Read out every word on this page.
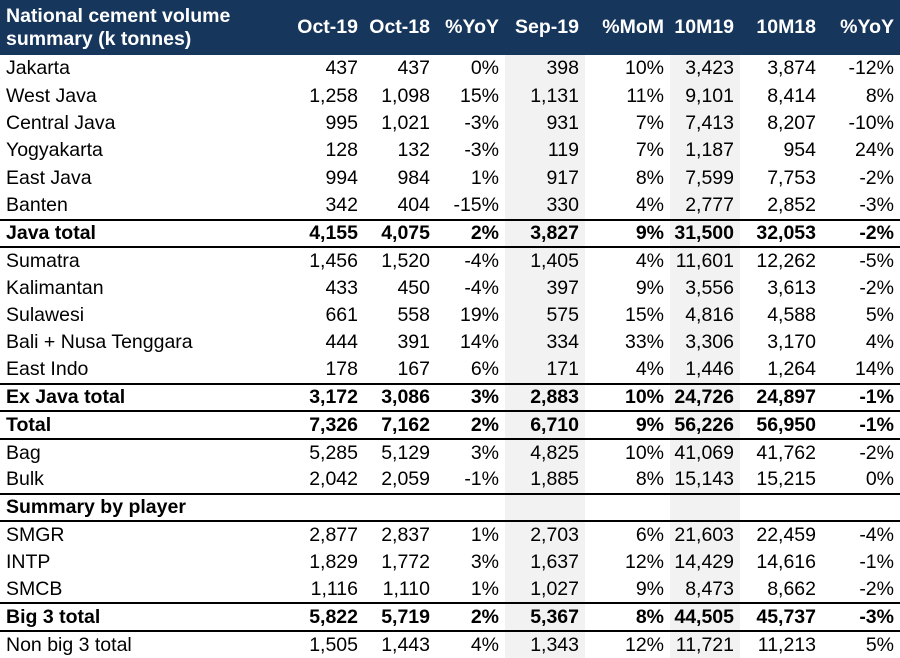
National cement volume summary (k tonnes)	Oct-19	Oct-18	%YoY	Sep-19	%MoM	10M19	10M18	%YoY
Jakarta	437	437	0%	398	10%	3,423	3,874	-12%
West Java	1,258	1,098	15%	1,131	11%	9,101	8,414	8%
Central Java	995	1,021	-3%	931	7%	7,413	8,207	-10%
Yogyakarta	128	132	-3%	119	7%	1,187	954	24%
East Java	994	984	1%	917	8%	7,599	7,753	-2%
Banten	342	404	-15%	330	4%	2,777	2,852	-3%
Java total	4,155	4,075	2%	3,827	9%	31,500	32,053	-2%
Sumatra	1,456	1,520	-4%	1,405	4%	11,601	12,262	-5%
Kalimantan	433	450	-4%	397	9%	3,556	3,613	-2%
Sulawesi	661	558	19%	575	15%	4,816	4,588	5%
Bali + Nusa Tenggara	444	391	14%	334	33%	3,306	3,170	4%
East Indo	178	167	6%	171	4%	1,446	1,264	14%
Ex Java total	3,172	3,086	3%	2,883	10%	24,726	24,897	-1%
Total	7,326	7,162	2%	6,710	9%	56,226	56,950	-1%
Bag	5,285	5,129	3%	4,825	10%	41,069	41,762	-2%
Bulk	2,042	2,059	-1%	1,885	8%	15,143	15,215	0%
Summary by player								
SMGR	2,877	2,837	1%	2,703	6%	21,603	22,459	-4%
INTP	1,829	1,772	3%	1,637	12%	14,429	14,616	-1%
SMCB	1,116	1,110	1%	1,027	9%	8,473	8,662	-2%
Big 3 total	5,822	5,719	2%	5,367	8%	44,505	45,737	-3%
Non big 3 total	1,505	1,443	4%	1,343	12%	11,721	11,213	5%
